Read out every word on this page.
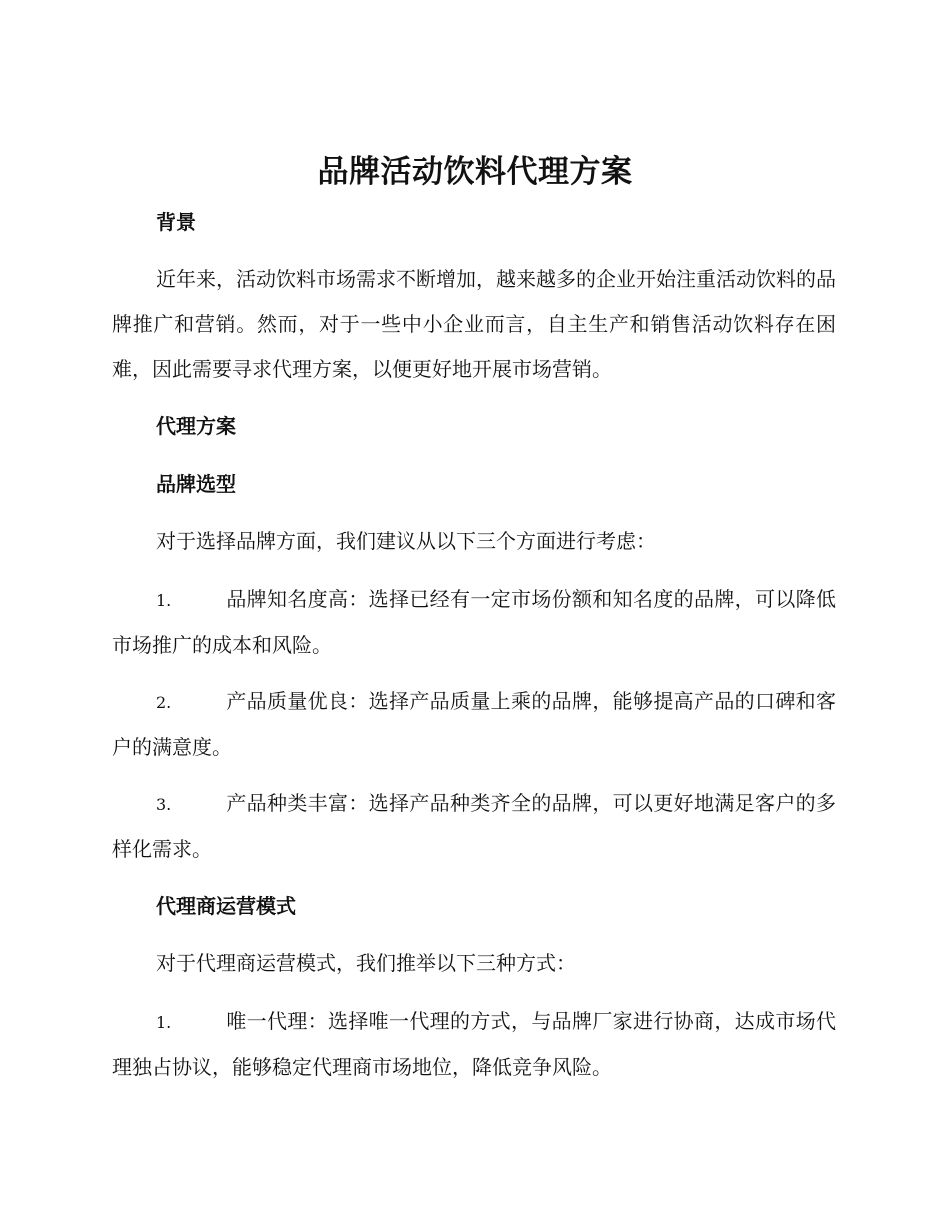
品牌活动饮料代理方案
背景

近年来，活动饮料市场需求不断增加，越来越多的企业开始注重活动饮料的品牌推广和营销。然而，对于一些中小企业而言，自主生产和销售活动饮料存在困难，因此需要寻求代理方案，以便更好地开展市场营销。

代理方案
品牌选型

对于选择品牌方面，我们建议从以下三个方面进行考虑：

1.	品牌知名度高：选择已经有一定市场份额和知名度的品牌，可以降低市场推广的成本和风险。

2.	产品质量优良：选择产品质量上乘的品牌，能够提高产品的口碑和客户的满意度。

3.	产品种类丰富：选择产品种类齐全的品牌，可以更好地满足客户的多样化需求。

代理商运营模式

对于代理商运营模式，我们推举以下三种方式：

1.	唯一代理：选择唯一代理的方式，与品牌厂家进行协商，达成市场代理独占协议，能够稳定代理商市场地位，降低竞争风险。
